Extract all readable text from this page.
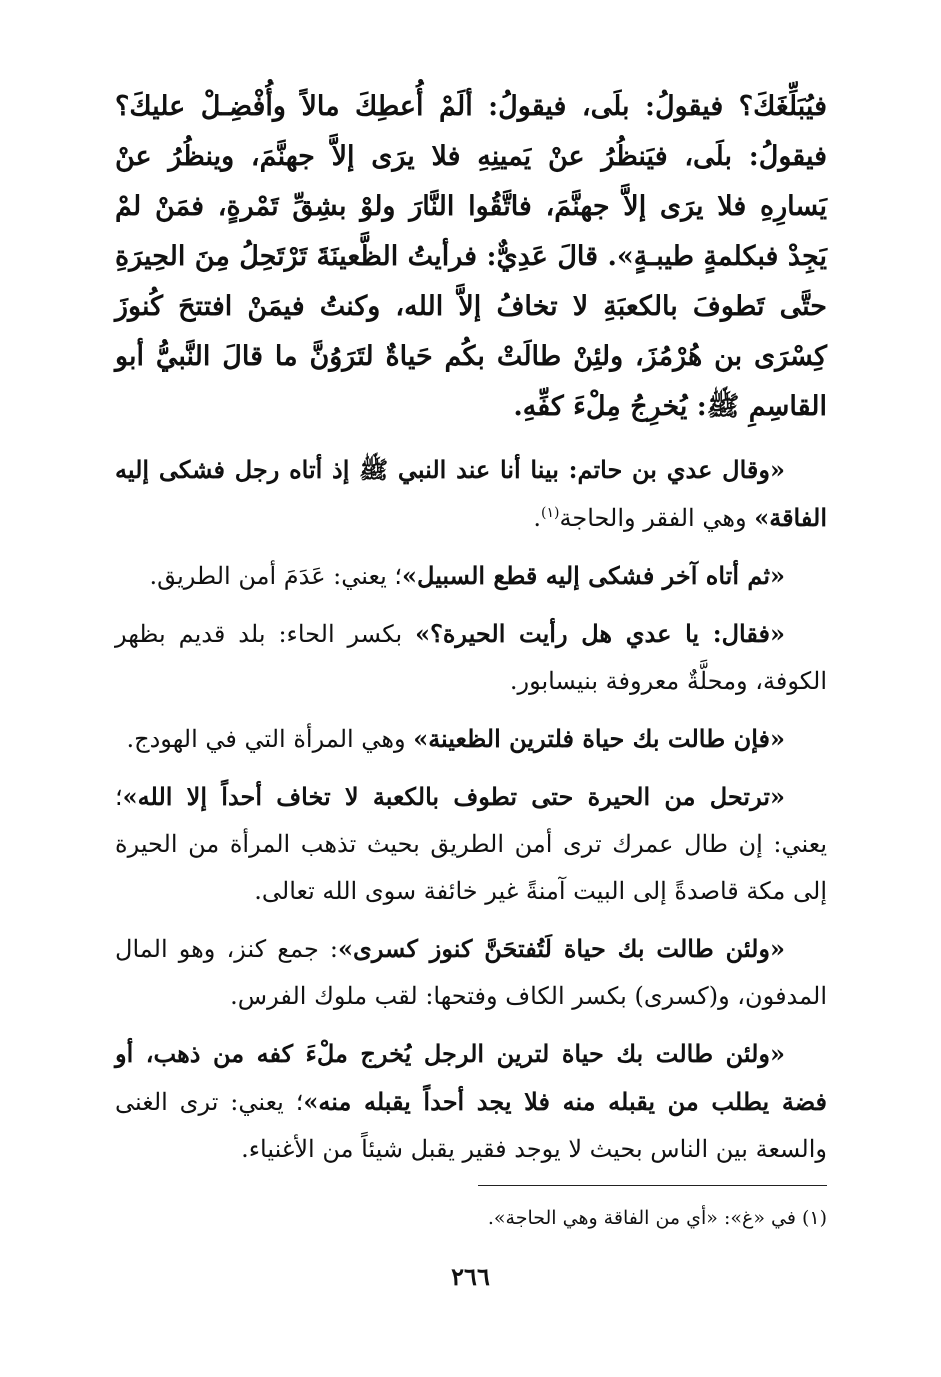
فيُبَلِّغَكَ؟ فيقولُ: بلَى، فيقولُ: ألَمْ أُعطِكَ مالاً وأُفْضِـلْ عليكَ؟ فيقولُ: بلَى، فيَنظُرُ عنْ يَمينِهِ فلا يرَى إلاَّ جهنَّمَ، وينظُرُ عنْ يَسارِهِ فلا يرَى إلاَّ جهنَّمَ، فاتَّقُوا النَّارَ ولوْ بشِقِّ تَمْرةٍ، فمَنْ لمْ يَجِدْ فبكلمةٍ طيبـةٍ». قالَ عَدِيٌّ: فرأيتُ الظَّعينَةَ تَرْتَحِلُ مِنَ الحِيرَةِ حتَّى تَطوفَ بالكعبَةِ لا تخافُ إلاَّ الله، وكنتُ فيمَنْ افتتحَ كُنوزَ كِسْرَى بن هُرْمُزَ، ولئِنْ طالَتْ بكُم حَياةٌ لتَرَوُنَّ ما قالَ النَّبيُّ أبو القاسِمِ ﷺ: يُخرِجُ مِلْءَ كفِّهِ.

«وقال عدي بن حاتم: بينا أنا عند النبي ﷺ إذ أتاه رجل فشكى إليه الفاقة» وهي الفقر والحاجة$^{(١)}$.

«ثم أتاه آخر فشكى إليه قطع السبيل»؛ يعني: عَدَمَ أمن الطريق.

«فقال: يا عدي هل رأيت الحيرة؟» بكسر الحاء: بلد قديم بظهر الكوفة، ومحلَّةٌ معروفة بنيسابور.

«فإن طالت بك حياة فلترين الظعينة» وهي المرأة التي في الهودج.

«ترتحل من الحيرة حتى تطوف بالكعبة لا تخاف أحداً إلا الله»؛ يعني: إن طال عمرك ترى أمن الطريق بحيث تذهب المرأة من الحيرة إلى مكة قاصدةً إلى البيت آمنةً غير خائفة سوى الله تعالى.

«ولئن طالت بك حياة لَتُفتحَنَّ كنوز كسرى»: جمع كنز، وهو المال المدفون، و(كسرى) بكسر الكاف وفتحها: لقب ملوك الفرس.

«ولئن طالت بك حياة لترين الرجل يُخرج ملْءَ كفه من ذهب، أو فضة يطلب من يقبله منه فلا يجد أحداً يقبله منه»؛ يعني: ترى الغنى والسعة بين الناس بحيث لا يوجد فقير يقبل شيئاً من الأغنياء.

(١) في «غ»: «أي من الفاقة وهي الحاجة».

٢٦٦
